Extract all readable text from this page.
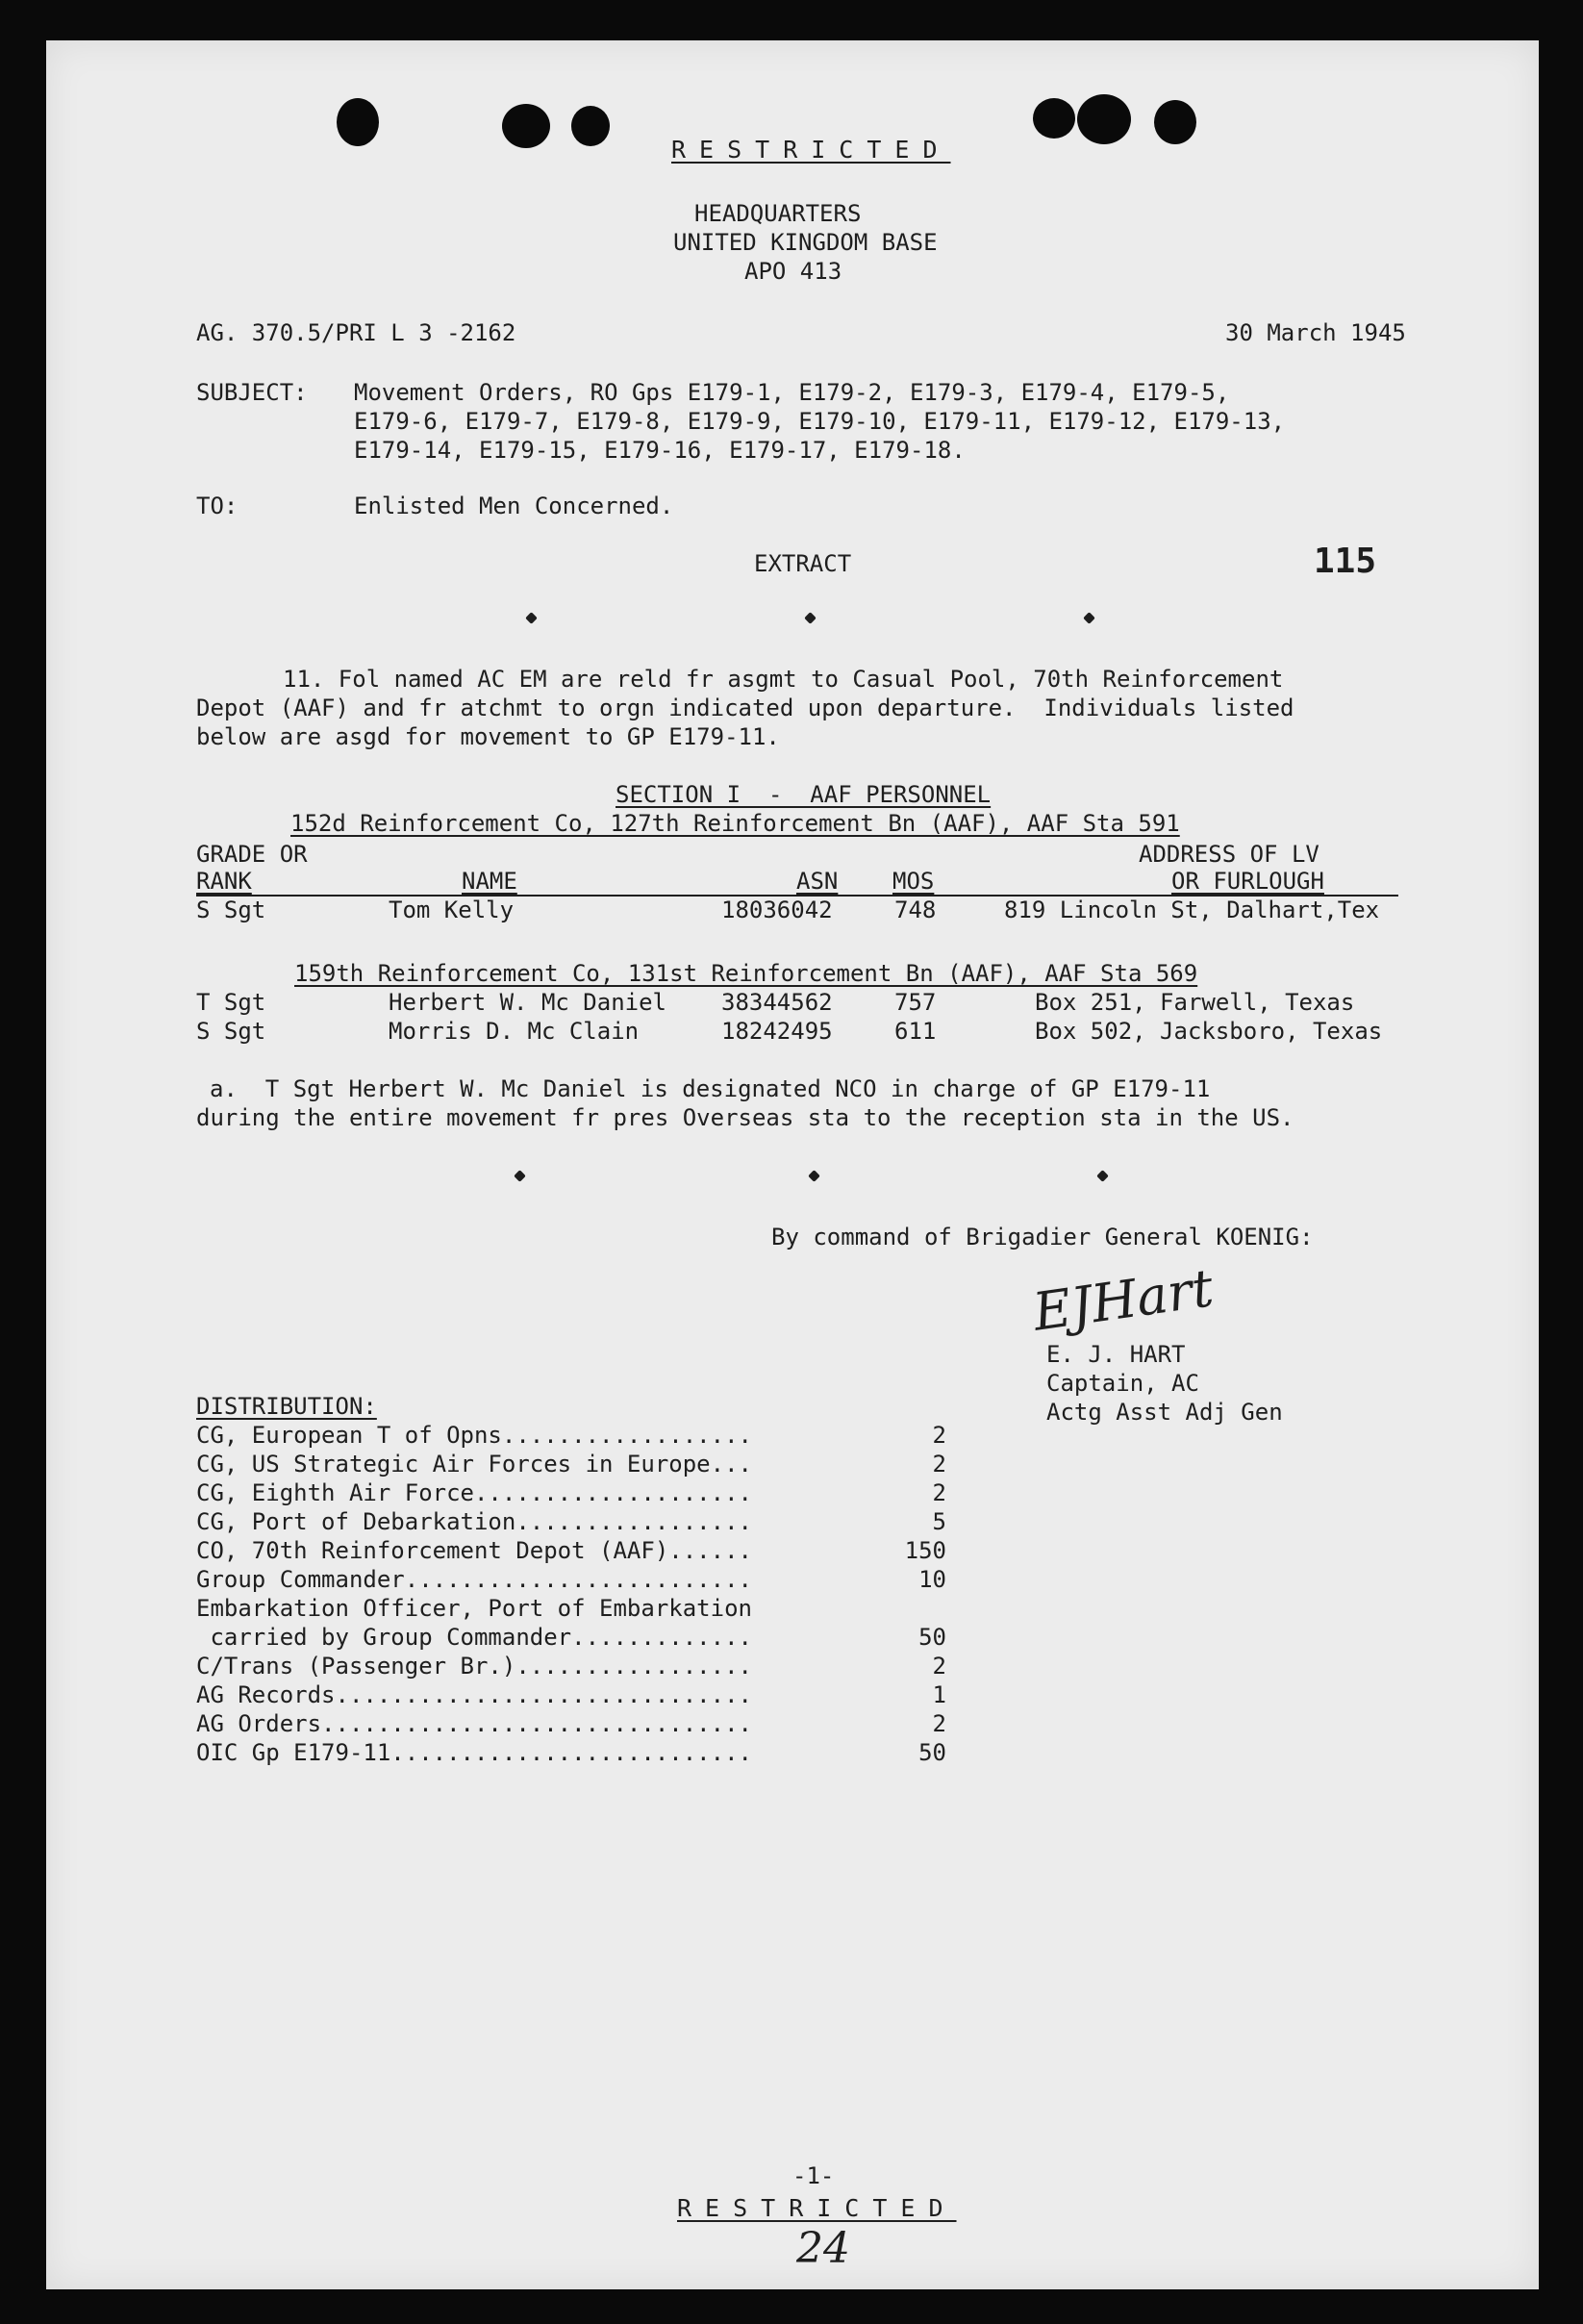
RESTRICTED
HEADQUARTERS
UNITED KINGDOM BASE
APO 413
AG. 370.5/PRI L 3 -2162	30 March 1945
SUBJECT: Movement Orders, RO Gps E179-1, E179-2, E179-3, E179-4, E179-5,
E179-6, E179-7, E179-8, E179-9, E179-10, E179-11, E179-12, E179-13,
E179-14, E179-15, E179-16, E179-17, E179-18.
TO:	Enlisted Men Concerned.
EXTRACT	115
11. Fol named AC EM are reld fr asgmt to Casual Pool, 70th Reinforcement
Depot (AAF) and fr atchmt to orgn indicated upon departure.  Individuals listed
below are asgd for movement to GP E179-11.
SECTION I  -  AAF PERSONNEL
152d Reinforcement Co, 127th Reinforcement Bn (AAF), AAF Sta 591
GRADE OR	ADDRESS OF LV
RANK	NAME	ASN MOS	OR FURLOUGH
S Sgt	Tom Kelly	18036042	748	819 Lincoln St, Dalhart,Tex
159th Reinforcement Co, 131st Reinforcement Bn (AAF), AAF Sta 569
T Sgt	Herbert W. Mc Daniel 38344562	757	Box 251, Farwell, Texas
S Sgt	Morris D. Mc Clain	18242495	611	Box 502, Jacksboro, Texas
a.  T Sgt Herbert W. Mc Daniel is designated NCO in charge of GP E179-11
during the entire movement fr pres Overseas sta to the reception sta in the US.
By command of Brigadier General KOENIG:
EJHart
E. J. HART
Captain, AC
Actg Asst Adj Gen
DISTRIBUTION:
CG, European T of Opns..................	2
CG, US Strategic Air Forces in Europe...	2
CG, Eighth Air Force....................	2
CG, Port of Debarkation.................	5
CO, 70th Reinforcement Depot (AAF)......	150
Group Commander.........................	10
Embarkation Officer, Port of Embarkation
carried by Group Commander.............	50
C/Trans (Passenger Br.).................	2
AG Records..............................	1
AG Orders...............................	2
OIC Gp E179-11..........................	50
-1-
RESTRICTED
24
